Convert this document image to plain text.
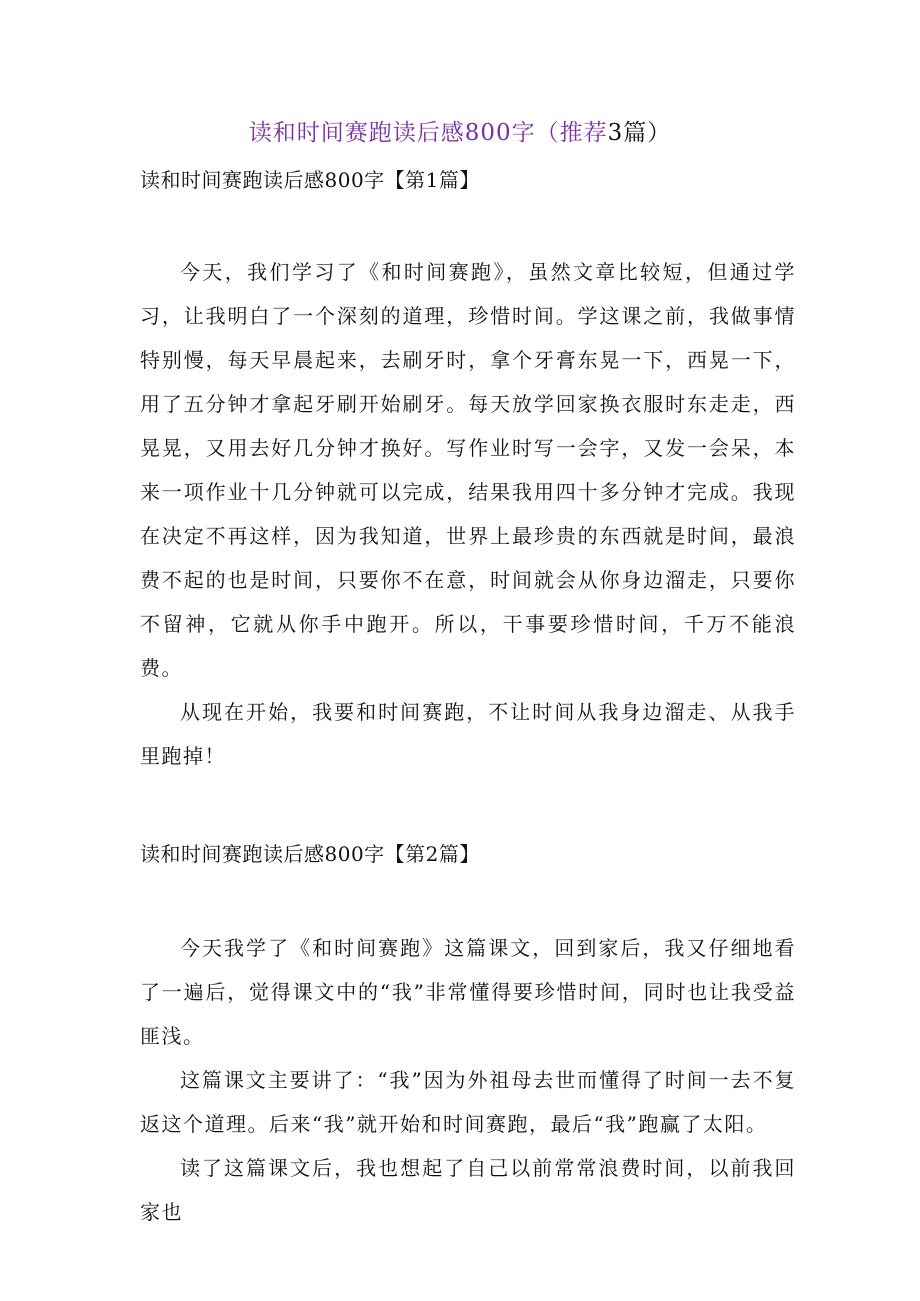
读和时间赛跑读后感800字（推荐3篇）
读和时间赛跑读后感800字【第1篇】

今天，我们学习了《和时间赛跑》，虽然文章比较短，但通过学习，让我明白了一个深刻的道理，珍惜时间。学这课之前，我做事情特别慢，每天早晨起来，去刷牙时，拿个牙膏东晃一下，西晃一下，用了五分钟才拿起牙刷开始刷牙。每天放学回家换衣服时东走走，西晃晃，又用去好几分钟才换好。写作业时写一会字，又发一会呆，本来一项作业十几分钟就可以完成，结果我用四十多分钟才完成。我现在决定不再这样，因为我知道，世界上最珍贵的东西就是时间，最浪费不起的也是时间，只要你不在意，时间就会从你身边溜走，只要你不留神，它就从你手中跑开。所以，干事要珍惜时间，千万不能浪费。

从现在开始，我要和时间赛跑，不让时间从我身边溜走、从我手里跑掉！

读和时间赛跑读后感800字【第2篇】

今天我学了《和时间赛跑》这篇课文，回到家后，我又仔细地看了一遍后，觉得课文中的“我”非常懂得要珍惜时间，同时也让我受益匪浅。

这篇课文主要讲了：“我”因为外祖母去世而懂得了时间一去不复返这个道理。后来“我”就开始和时间赛跑，最后“我”跑赢了太阳。

读了这篇课文后，我也想起了自己以前常常浪费时间，以前我回家也
